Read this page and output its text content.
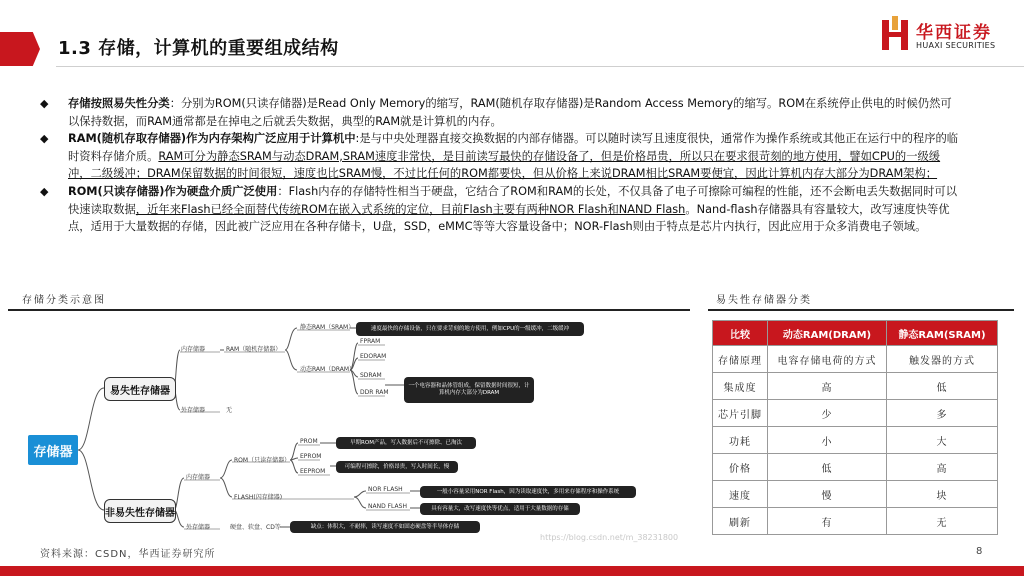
1.3 存储，计算机的重要组成结构
华西证券
HUAXI SECURITIES
◆ 存储按照易失性分类：分别为ROM(只读存储器)是Read Only Memory的缩写，RAM(随机存取存储器)是Random Access Memory的缩写。ROM在系统停止供电的时候仍然可以保持数据，而RAM通常都是在掉电之后就丢失数据，典型的RAM就是计算机的内存。
◆ RAM(随机存取存储器)作为内存架构广泛应用于计算机中:是与中央处理器直接交换数据的内部存储器。可以随时读写且速度很快，通常作为操作系统或其他正在运行中的程序的临时资料存储介质。RAM可分为静态SRAM与动态DRAM,SRAM速度非常快，是目前读写最快的存储设备了，但是价格昂贵，所以只在要求很苛刻的地方使用，譬如CPU的一级缓冲，二级缓冲；DRAM保留数据的时间很短，速度也比SRAM慢，不过比任何的ROM都要快，但从价格上来说DRAM相比SRAM要便宜，因此计算机内存大部分为DRAM架构；
◆ ROM(只读存储器)作为硬盘介质广泛使用：Flash内存的存储特性相当于硬盘，它结合了ROM和RAM的长处，不仅具备了电子可擦除可编程的性能，还不会断电丢失数据同时可以快速读取数据，近年来Flash已经全面替代传统ROM在嵌入式系统的定位，目前Flash主要有两种NOR Flash和NAND Flash。Nand-flash存储器具有容量较大，改写速度快等优点，适用于大量数据的存储，因此被广泛应用在各种存储卡，U盘，SSD，eMMC等等大容量设备中；NOR-Flash则由于特点是芯片内执行，因此应用于众多消费电子领域。
存储分类示意图
存储器
易失性存储器
非易失性存储器
内存储器	RAM（随机存储器）
静态RAM（SRAM）
动态RAM（DRAM）
FPRAM
EDORAM
SDRAM
DDR RAM
外存储器	无
速度最快的存储设备，只在要求苛刻的地方使用，例如CPU的一级缓冲，二级缓冲
一个电容器和晶体管组成，保留数据时间很短，计算机内存大部分为DRAM
内存储器
ROM（只读存储器）
PROM
EPROM
EEPROM
FLASH(闪存储器)
NOR FLASH
NAND FLASH
外存储器	硬盘、软盘、CD等
早期ROM产品，写入数据后不可擦除、已淘汰
可编程可擦除，价格昂贵，写入时间长，慢
一般小容量采用NOR Flash，因为读取速度快，多用来存储程序和操作系统
具有容量大，改写速度快等优点，适用于大量数据的存储
缺点：体积大，不耐摔，读写速度不如固态硬盘等半导体存储
https://blog.csdn.net/m_38231800
易失性存储器分类
比较	动态RAM(DRAM)	静态RAM(SRAM)
存储原理	电容存储电荷的方式	触发器的方式
集成度	高	低
芯片引脚	少	多
功耗	小	大
价格	低	高
速度	慢	块
刷新	有	无
资料来源：CSDN，华西证券研究所	8
